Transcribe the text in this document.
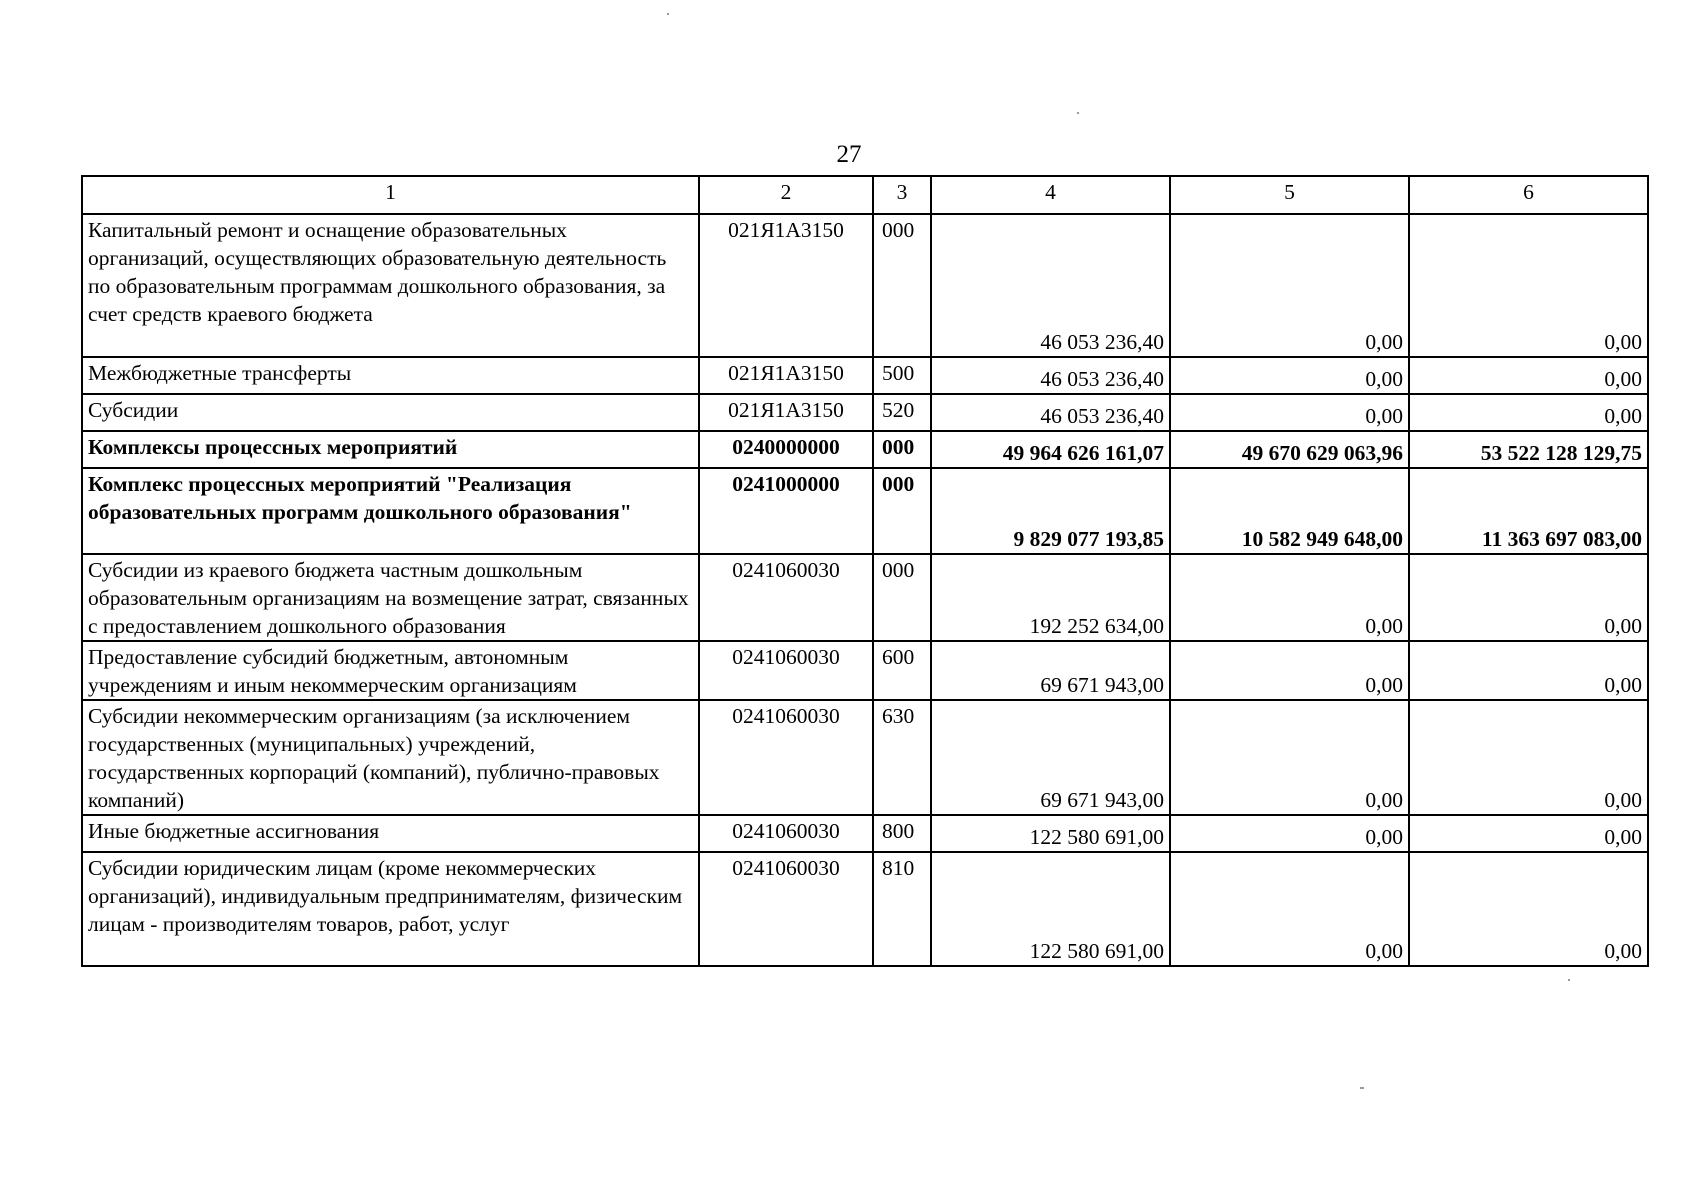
27
1	2	3	4	5	6
Капитальный ремонт и оснащение образовательных организаций, осуществляющих образовательную деятельность по образовательным программам дошкольного образования, за счет средств краевого бюджета	021Я1А3150	000	46 053 236,40	0,00	0,00
Межбюджетные трансферты	021Я1А3150	500	46 053 236,40	0,00	0,00
Субсидии	021Я1А3150	520	46 053 236,40	0,00	0,00
Комплексы процессных мероприятий	0240000000	000	49 964 626 161,07	49 670 629 063,96	53 522 128 129,75
Комплекс процессных мероприятий "Реализация образовательных программ дошкольного образования"	0241000000	000	9 829 077 193,85	10 582 949 648,00	11 363 697 083,00
Субсидии из краевого бюджета частным дошкольным образовательным организациям на возмещение затрат, связанных с предоставлением дошкольного образования	0241060030	000	192 252 634,00	0,00	0,00
Предоставление субсидий бюджетным, автономным учреждениям и иным некоммерческим организациям	0241060030	600	69 671 943,00	0,00	0,00
Субсидии некоммерческим организациям (за исключением государственных (муниципальных) учреждений, государственных корпораций (компаний), публично-правовых компаний)	0241060030	630	69 671 943,00	0,00	0,00
Иные бюджетные ассигнования	0241060030	800	122 580 691,00	0,00	0,00
Субсидии юридическим лицам (кроме некоммерческих организаций), индивидуальным предпринимателям, физическим лицам - производителям товаров, работ, услуг	0241060030	810	122 580 691,00	0,00	0,00
